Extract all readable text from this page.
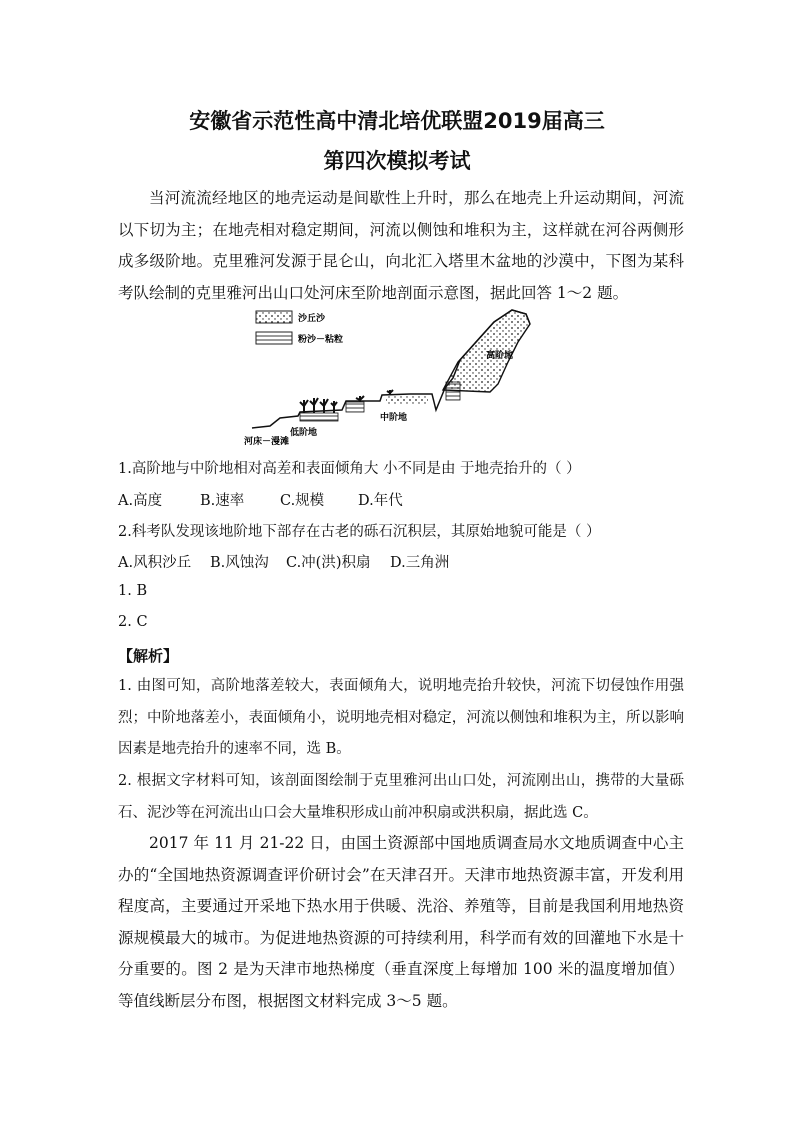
安徽省示范性高中清北培优联盟2019届高三
第四次模拟考试

当河流流经地区的地壳运动是间歇性上升时，那么在地壳上升运动期间，河流以下切为主；在地壳相对稳定期间，河流以侧蚀和堆积为主，这样就在河谷两侧形成多级阶地。克里雅河发源于昆仑山，向北汇入塔里木盆地的沙漠中，下图为某科考队绘制的克里雅河出山口处河床至阶地剖面示意图，据此回答 1～2 题。

沙丘沙
粉沙－粘粒
高阶地
中阶地
低阶地
河床－漫滩

1.高阶地与中阶地相对高差和表面倾角大 小不同是由 于地壳抬升的（ ）

A.高度	B.速率 C.规模 D.年代

2.科考队发现该地阶地下部存在古老的砾石沉积层，其原始地貌可能是（ ）

A.风积沙丘 B.风蚀沟 C.冲(洪)积扇 D.三角洲

1. B

2. C

【解析】

1. 由图可知，高阶地落差较大，表面倾角大，说明地壳抬升较快，河流下切侵蚀作用强烈；中阶地落差小，表面倾角小，说明地壳相对稳定，河流以侧蚀和堆积为主，所以影响因素是地壳抬升的速率不同，选 B。

2. 根据文字材料可知，该剖面图绘制于克里雅河出山口处，河流刚出山，携带的大量砾石、泥沙等在河流出山口会大量堆积形成山前冲积扇或洪积扇，据此选 C。

2017 年 11 月 21-22 日，由国土资源部中国地质调查局水文地质调查中心主办的“全国地热资源调查评价研讨会”在天津召开。天津市地热资源丰富，开发利用程度高，主要通过开采地下热水用于供暖、洗浴、养殖等，目前是我国利用地热资源规模最大的城市。为促进地热资源的可持续利用，科学而有效的回灌地下水是十分重要的。图 2 是为天津市地热梯度（垂直深度上每增加 100 米的温度增加值）等值线断层分布图，根据图文材料完成 3～5 题。
